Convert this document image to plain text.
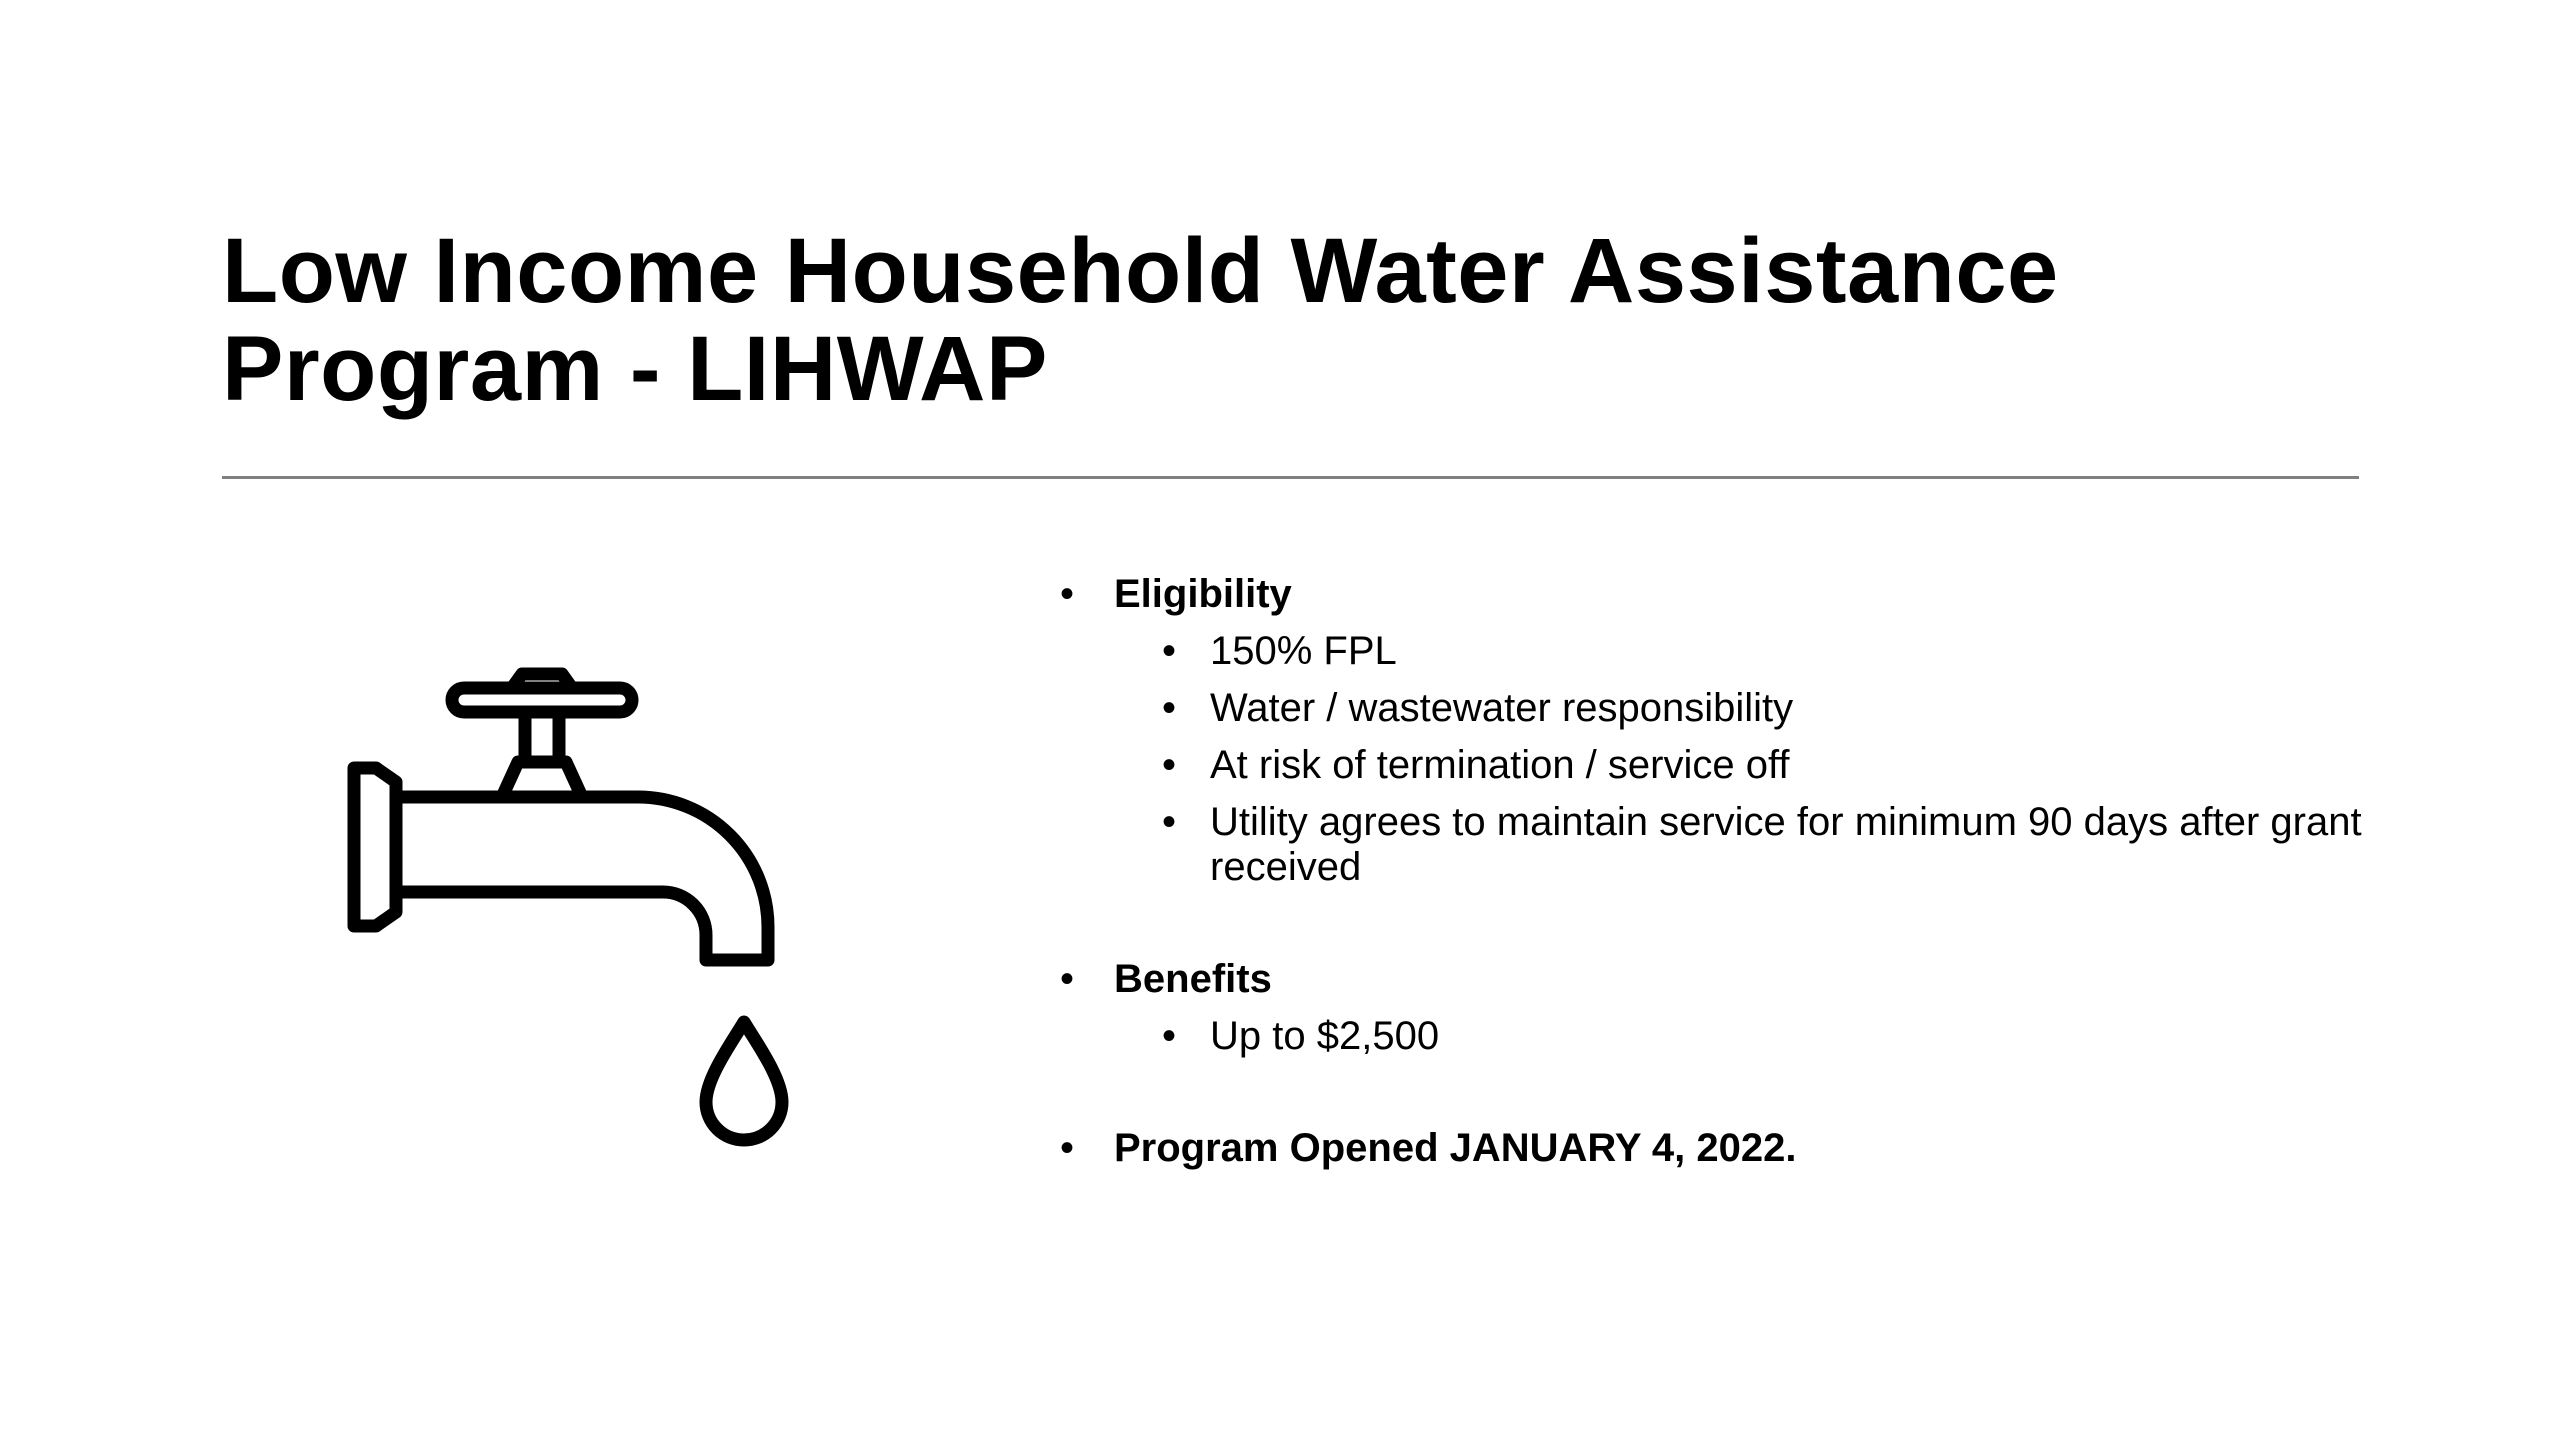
Low Income Household Water Assistance
Program - LIHWAP
• Eligibility
• 150% FPL
• Water / wastewater responsibility
• At risk of termination / service off
• Utility agrees to maintain service for minimum 90 days after grant received
• Benefits
• Up to $2,500
• Program Opened JANUARY 4, 2022.
